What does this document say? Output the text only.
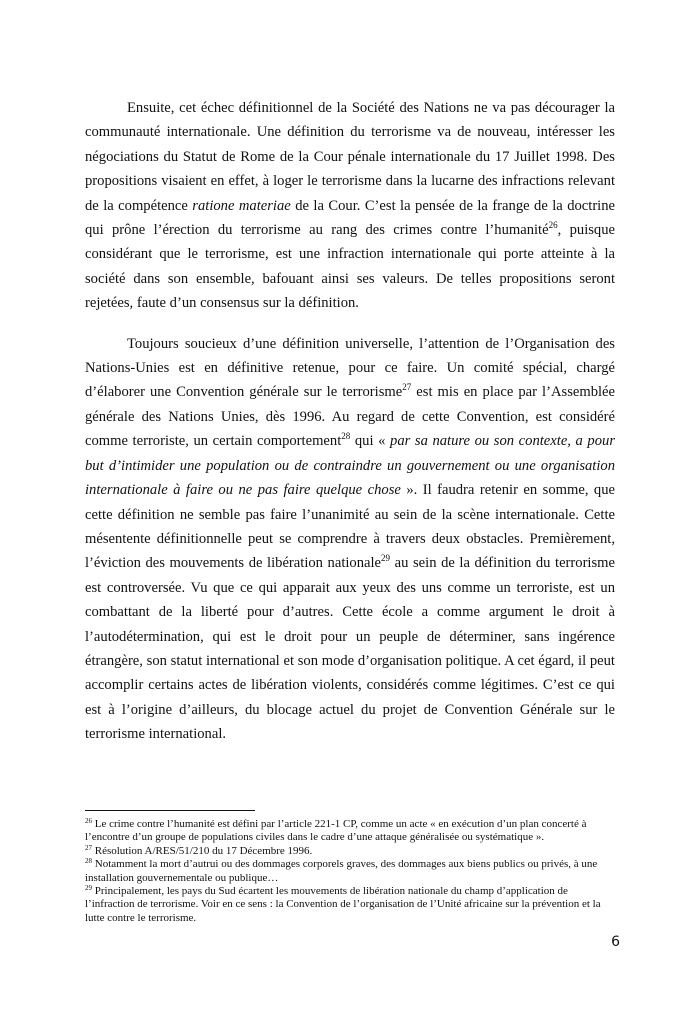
Ensuite, cet échec définitionnel de la Société des Nations ne va pas décourager la communauté internationale. Une définition du terrorisme va de nouveau, intéresser les négociations du Statut de Rome de la Cour pénale internationale du 17 Juillet 1998. Des propositions visaient en effet, à loger le terrorisme dans la lucarne des infractions relevant de la compétence ratione materiae de la Cour. C’est la pensée de la frange de la doctrine qui prône l’érection du terrorisme au rang des crimes contre l’humanité$^{26}$, puisque considérant que le terrorisme, est une infraction internationale qui porte atteinte à la société dans son ensemble, bafouant ainsi ses valeurs. De telles propositions seront rejetées, faute d’un consensus sur la définition.

Toujours soucieux d’une définition universelle, l’attention de l’Organisation des Nations-Unies est en définitive retenue, pour ce faire. Un comité spécial, chargé d’élaborer une Convention générale sur le terrorisme$^{27}$ est mis en place par l’Assemblée générale des Nations Unies, dès 1996. Au regard de cette Convention, est considéré comme terroriste, un certain comportement$^{28}$ qui « par sa nature ou son contexte, a pour but d’intimider une population ou de contraindre un gouvernement ou une organisation internationale à faire ou ne pas faire quelque chose ». Il faudra retenir en somme, que cette définition ne semble pas faire l’unanimité au sein de la scène internationale. Cette mésentente définitionnelle peut se comprendre à travers deux obstacles. Premièrement, l’éviction des mouvements de libération nationale$^{29}$ au sein de la définition du terrorisme est controversée. Vu que ce qui apparait aux yeux des uns comme un terroriste, est un combattant de la liberté pour d’autres. Cette école a comme argument le droit à l’autodétermination, qui est le droit pour un peuple de déterminer, sans ingérence étrangère, son statut international et son mode d’organisation politique. A cet égard, il peut accomplir certains actes de libération violents, considérés comme légitimes. C’est ce qui est à l’origine d’ailleurs, du blocage actuel du projet de Convention Générale sur le terrorisme international.

$^{26}$ Le crime contre l’humanité est défini par l’article 221-1 CP, comme un acte « en exécution d’un plan concerté à l’encontre d’un groupe de populations civiles dans le cadre d’une attaque généralisée ou systématique ».

$^{27}$ Résolution A/RES/51/210 du 17 Décembre 1996.

$^{28}$ Notamment la mort d’autrui ou des dommages corporels graves, des dommages aux biens publics ou privés, à une installation gouvernementale ou publique…

$^{29}$ Principalement, les pays du Sud écartent les mouvements de libération nationale du champ d’application de l’infraction de terrorisme. Voir en ce sens : la Convention de l’organisation de l’Unité africaine sur la prévention et la lutte contre le terrorisme.

6
